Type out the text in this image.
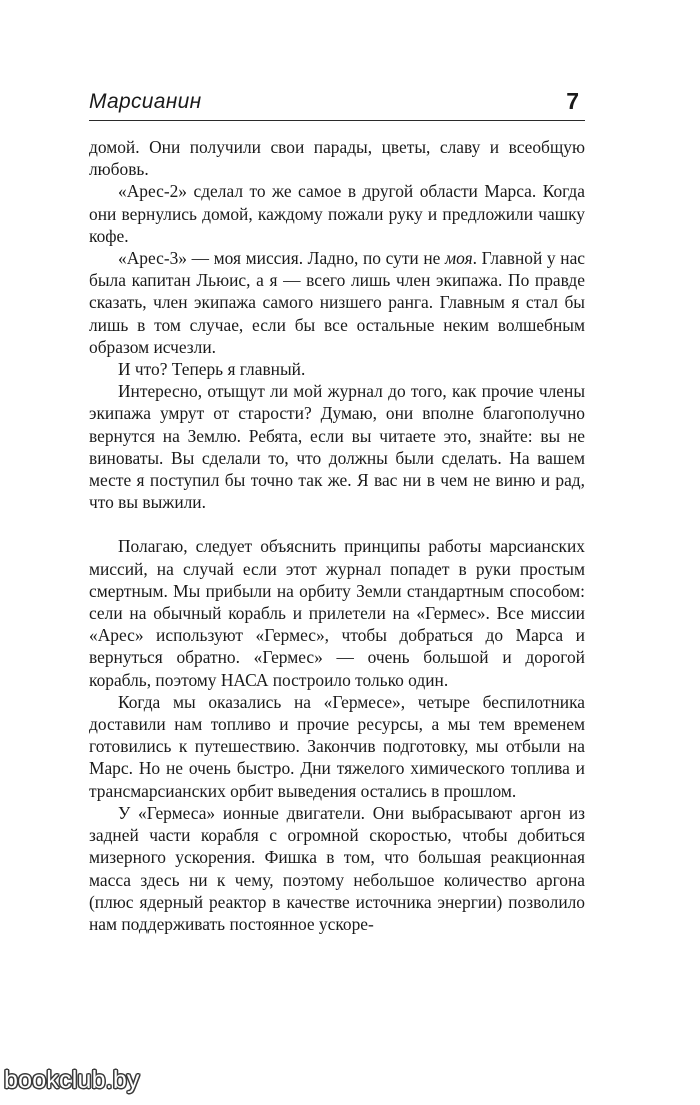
Марсианин	7

домой. Они получили свои парады, цветы, славу и всеобщую любовь.

«Арес-2» сделал то же самое в другой области Марса. Когда они вернулись домой, каждому пожали руку и предложили чашку кофе.

«Арес-3» — моя миссия. Ладно, по сути не моя. Главной у нас была капитан Льюис, а я — всего лишь член экипажа. По правде сказать, член экипажа самого низшего ранга. Главным я стал бы лишь в том случае, если бы все остальные неким волшебным образом исчезли.

И что? Теперь я главный.

Интересно, отыщут ли мой журнал до того, как прочие члены экипажа умрут от старости? Думаю, они вполне благополучно вернутся на Землю. Ребята, если вы читаете это, знайте: вы не виноваты. Вы сделали то, что должны были сделать. На вашем месте я поступил бы точно так же. Я вас ни в чем не виню и рад, что вы выжили.

Полагаю, следует объяснить принципы работы марсианских миссий, на случай если этот журнал попадет в руки простым смертным. Мы прибыли на орбиту Земли стандартным способом: сели на обычный корабль и прилетели на «Гермес». Все миссии «Арес» используют «Гермес», чтобы добраться до Марса и вернуться обратно. «Гермес» — очень большой и дорогой корабль, поэтому НАСА построило только один.

Когда мы оказались на «Гермесе», четыре беспилотника доставили нам топливо и прочие ресурсы, а мы тем временем готовились к путешествию. Закончив подготовку, мы отбыли на Марс. Но не очень быстро. Дни тяжелого химического топлива и трансмарсианских орбит выведения остались в прошлом.

У «Гермеса» ионные двигатели. Они выбрасывают аргон из задней части корабля с огромной скоростью, чтобы добиться мизерного ускорения. Фишка в том, что большая реакционная масса здесь ни к чему, поэтому небольшое количество аргона (плюс ядерный реактор в качестве источника энергии) позволило нам поддерживать постоянное ускоре-

bookclub.by
